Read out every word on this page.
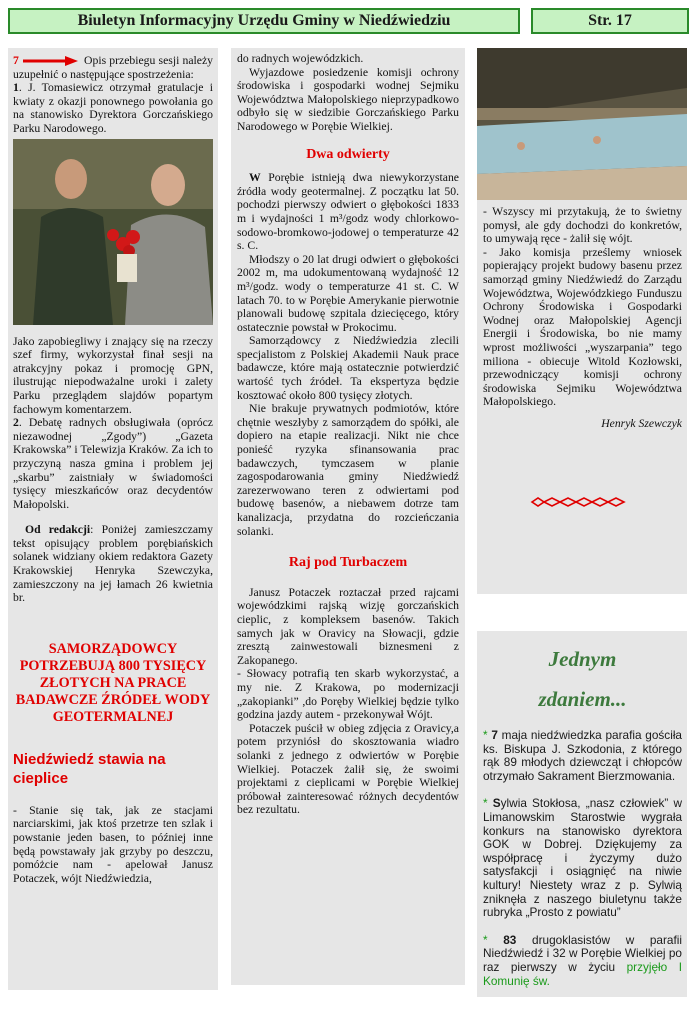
Biuletyn Informacyjny Urzędu Gminy w Niedźwiedziu	Str. 17

7	Opis przebiegu sesji należy uzupełnić o następujące spostrzeżenia:

1. J. Tomasiewicz otrzymał gratulacje i kwiaty z okazji ponownego powołania go na stanowisko Dyrektora Gorczańskiego Parku Narodowego.

Jako zapobiegliwy i znający się na rzeczy szef firmy, wykorzystał finał sesji na atrakcyjny pokaz i promocję GPN, ilustrując niepodważalne uroki i zalety Parku przeglądem slajdów popartym fachowym komentarzem.

2. Debatę radnych obsługiwała (oprócz niezawodnej „Zgody”) „Gazeta Krakowska” i Telewizja Kraków. Za ich to przyczyną nasza gmina i problem jej „skarbu” zaistniały w świadomości tysięcy mieszkańców oraz decydentów Małopolski.

Od redakcji: Poniżej zamieszczamy tekst opisujący problem porębiańskich solanek widziany okiem redaktora Gazety Krakowskiej Henryka Szewczyka, zamieszczony na jej łamach 26 kwietnia br.

SAMORZĄDOWCY POTRZEBUJĄ 800 TYSIĘCY ZŁOTYCH NA PRACE BADAWCZE ŹRÓDEŁ WODY GEOTERMALNEJ
Niedźwiedź stawia na cieplice

- Stanie się tak, jak ze stacjami narciarskimi, jak ktoś przetrze ten szlak i powstanie jeden basen, to później inne będą powstawały jak grzyby po deszczu, pomóżcie nam - apelował Janusz Potaczek, wójt Niedźwiedzia,

do radnych wojewódzkich.

Wyjazdowe posiedzenie komisji ochrony środowiska i gospodarki wodnej Sejmiku Województwa Małopolskiego nieprzypadkowo odbyło się w siedzibie Gorczańskiego Parku Narodowego w Porębie Wielkiej.

Dwa odwierty

W Porębie istnieją dwa niewykorzystane źródła wody geotermalnej. Z początku lat 50. pochodzi pierwszy odwiert o głębokości 1833 m i wydajności 1 m³/godz wody chlorkowo-sodowo-bromkowo-jodowej o temperaturze 42 s. C.

Młodszy o 20 lat drugi odwiert o głębokości 2002 m, ma udokumentowaną wydajność 12 m³/godz. wody o temperaturze 41 st. C. W latach 70. to w Porębie Amerykanie pierwotnie planowali budowę szpitala dziecięcego, który ostatecznie powstał w Prokocimu.

Samorządowcy z Niedźwiedzia zlecili specjalistom z Polskiej Akademii Nauk prace badawcze, które mają ostatecznie potwierdzić wartość tych źródeł. Ta ekspertyza będzie kosztować około 800 tysięcy złotych.

Nie brakuje prywatnych podmiotów, które chętnie weszłyby z samorządem do spółki, ale dopiero na etapie realizacji. Nikt nie chce ponieść ryzyka sfinansowania prac badawczych, tymczasem w planie zagospodarowania gminy Niedźwiedź zarezerwowano teren z odwiertami pod budowę basenów, a niebawem dotrze tam kanalizacja, przydatna do rozcieńczania solanki.

Raj pod Turbaczem

Janusz Potaczek roztaczał przed rajcami wojewódzkimi rajską wizję gorczańskich cieplic, z kompleksem basenów. Takich samych jak w Oravicy na Słowacji, gdzie zresztą zainwestowali biznesmeni z Zakopanego.

- Słowacy potrafią ten skarb wykorzystać, a my nie. Z Krakowa, po modernizacji „zakopianki” ,do Poręby Wielkiej będzie tylko godzina jazdy autem - przekonywał Wójt.

Potaczek puścił w obieg zdjęcia z Oravicy,a potem przyniósł do skosztowania wiadro solanki z jednego z odwiertów w Porębie Wielkiej. Potaczek żalił się, że swoimi projektami z cieplicami w Porębie Wielkiej próbował zainteresować różnych decydentów bez rezultatu.

- Wszyscy mi przytakują, że to świetny pomysł, ale gdy dochodzi do konkretów, to umywają ręce - żalił się wójt.

- Jako komisja prześlemy wniosek popierający projekt budowy basenu przez samorząd gminy Niedźwiedź do Zarządu Województwa, Wojewódzkiego Funduszu Ochrony Środowiska i Gospodarki Wodnej oraz Małopolskiej Agencji Energii i Środowiska, bo nie mamy wprost możliwości „wyszarpania” tego miliona - obiecuje Witold Kozłowski, przewodniczący komisji ochrony środowiska Sejmiku Województwa Małopolskiego.

Henryk Szewczyk

Jednym
zdaniem...

* 7 maja niedźwiedzka parafia gościła ks. Biskupa J. Szkodonia, z którego rąk 89 młodych dziewcząt i chłopców otrzymało Sakrament Bierzmowania.

* Sylwia Stokłosa, „nasz człowiek” w Limanowskim Starostwie wygrała konkurs na stanowisko dyrektora GOK w Dobrej. Dziękujemy za współpracę i życzymy dużo satysfakcji i osiągnięć na niwie kultury! Niestety wraz z p. Sylwią zniknęła z naszego biuletynu także rubryka „Prosto z powiatu”

* 83 drugoklasistów w parafii Niedźwiedź i 32 w Porębie Wielkiej po raz pierwszy w życiu przyjęło I Komunię św.
